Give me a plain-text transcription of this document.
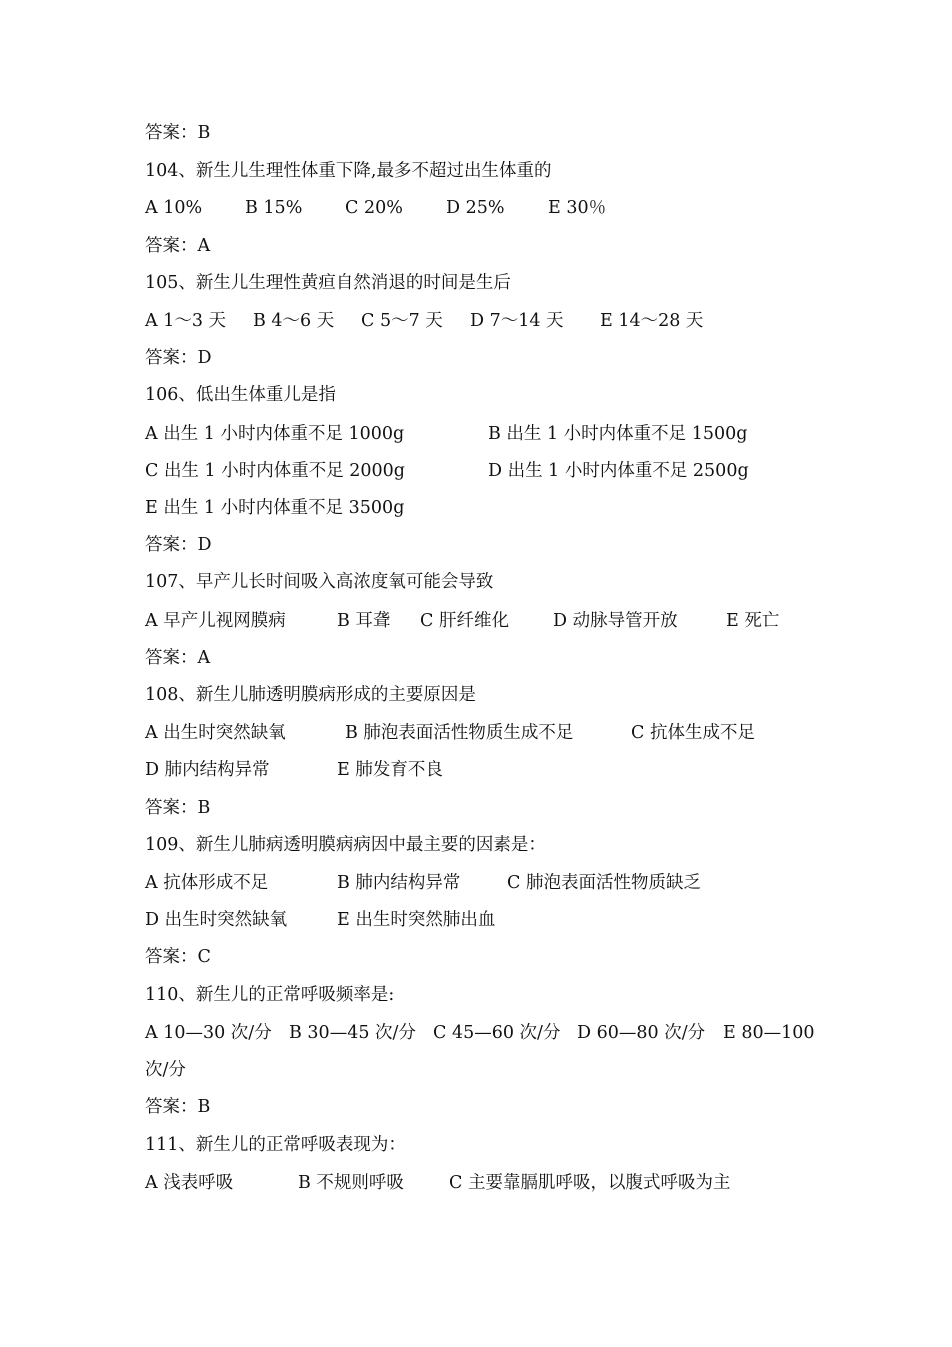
答案：B
104、新生儿生理性体重下降,最多不超过出生体重的
A 10% B 15% C 20% D 25% E 30％
答案：A
105、新生儿生理性黄疸自然消退的时间是生后
A 1～3 天 B 4～6 天 C 5～7 天 D 7～14 天 E 14～28 天
答案：D
106、低出生体重儿是指
A 出生 1 小时内体重不足 1000g	B 出生 1 小时内体重不足 1500g
C 出生 1 小时内体重不足 2000g	D 出生 1 小时内体重不足 2500g
E 出生 1 小时内体重不足 3500g
答案：D
107、早产儿长时间吸入高浓度氧可能会导致
A 早产儿视网膜病	B 耳聋 C 肝纤维化	D 动脉导管开放	E 死亡
答案：A
108、新生儿肺透明膜病形成的主要原因是
A 出生时突然缺氧	B 肺泡表面活性物质生成不足	C 抗体生成不足
D 肺内结构异常	E 肺发育不良
答案：B
109、新生儿肺病透明膜病病因中最主要的因素是：
A 抗体形成不足	B 肺内结构异常	C 肺泡表面活性物质缺乏
D 出生时突然缺氧	E 出生时突然肺出血
答案：C
110、新生儿的正常呼吸频率是:
A 10—30 次/分 B 30—45 次/分 C 45—60 次/分 D 60—80 次/分 E 80—100
次/分
答案：B
111、新生儿的正常呼吸表现为：
A 浅表呼吸	B 不规则呼吸	C 主要靠膈肌呼吸，以腹式呼吸为主
